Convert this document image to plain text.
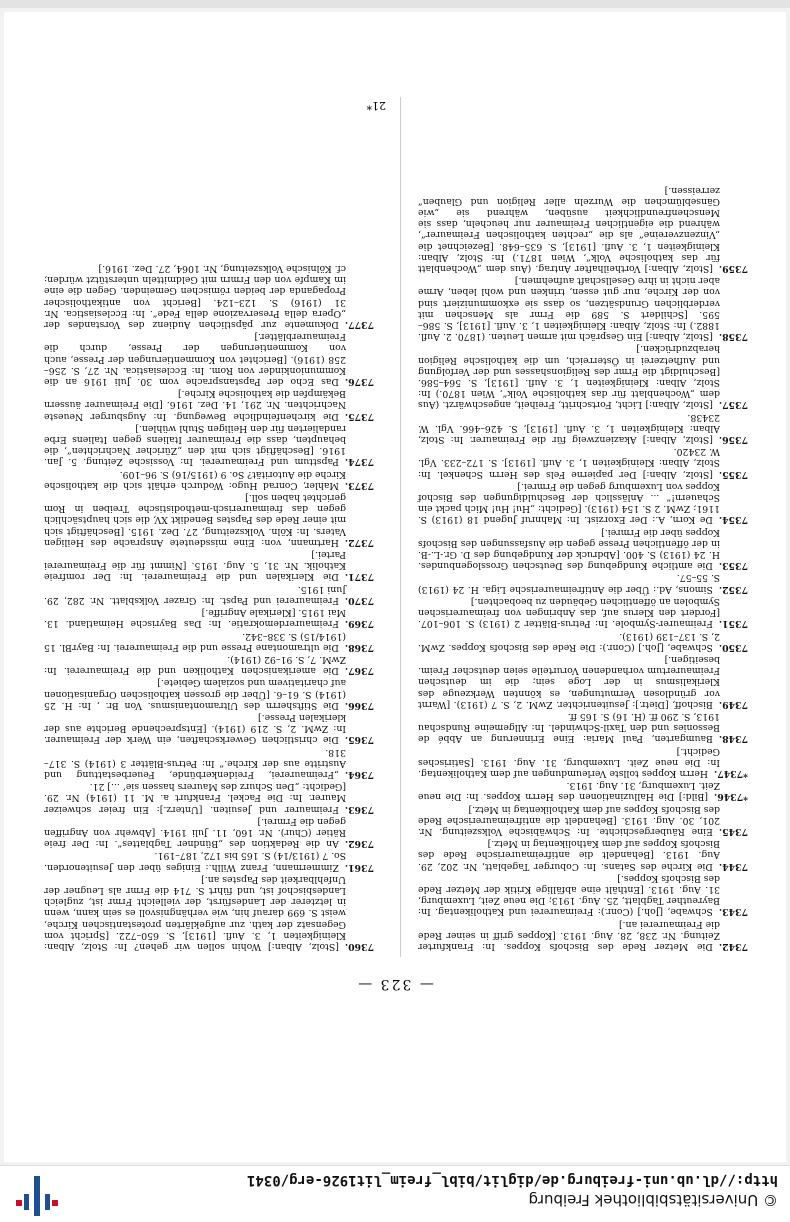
© Universitätsbibliothek Freiburg
http://dl.ub.uni-freiburg.de/diglit/bibl_freim_lit1926-erg/0341
— 323 —
7342.Die Metzer Rede des Bischofs Koppes. In: Frankfurter Zeitung. Nr. 238, 28. Aug. 1913. [Koppes griff in seiner Rede die Freimaurerei an.]
7343.Schwabe, [Joh.] (Conr.): Freimaurerei und Katholikentag. In: Bayreuther Tagblatt, 25. Aug. 1913; Die neue Zeit, Luxemburg, 31. Aug. 1913. [Enthält eine abfällige Kritik der Metzer Rede des Bischofs Koppes.]
7344.Die Kirche des Satans. In: Coburger Tageblatt, Nr. 202, 29. Aug. 1913. [Behandelt die antifreimaurerische Rede des Bischofs Koppes auf dem Katholikentag in Metz.]
7345.Eine Räubergeschichte. In: Schwäbische Volkszeitung. Nr. 201, 30. Aug. 1913. [Behandelt die antifreimaurerische Rede des Bischofs Koppes auf dem Katholikentag in Metz.]
*7346.[Bild:] Die Halluzinationen des Herrn Koppes. In: Die neue Zeit. Luxemburg, 31. Aug. 1913.
*7347.Herrn Koppes tollste Verleumdungen auf dem Katholikentag. In: Die neue Zeit. Luxemburg, 31. Aug. 1913. [Satirisches Gedicht.]
7348.Baumgarten, Paul Maria: Eine Erinnerung an Abbé de Bessonies und den Taxil-Schwindel. In: Allgemeine Rundschau 1913, S. 290 ff. (H. 16) S. 165 ff.
7349.Bischoff, [Dietr.]: Jesuitenrichter. ZwM. 2, S. 7 (1913). [Warnt vor gründlosen Vermutungen, es könnten Werkzeuge des Klerikalismus in der Loge sein; die im deutschen Freimaurertum vorhandenen Vorurteile seien deutscher Freim. beseitigen.]
7350.Schwabe, [Joh.] (Conr.): Die Rede des Bischofs Koppes. ZwM. 2, S. 137–139 (1913).
7351.Freimaurer-Symbole. In: Petrus-Blätter 2 (1913) S. 106–107. [Fordert den Klerus auf, das Anbringen von freimaurerischen Symbolen an öffentlichen Gebäuden zu beobachten.]
7352.Simons, Ad.: Über die Antifreimaurerische Liga. H. 24 (1913) S. 55–57.
7353.Die amtliche Kundgebung des Deutschen Grosslogenbundes. H. 24 (1913) S. 400. [Abdruck der Kundgebung des D. Gr.-L.-B. in der öffentlichen Presse gegen die Ausfassungen des Bischofs Koppes über die Frmrei.]
7354.De Korn, A.: Der Exorzist. In: Mahnruf Jugend 18 (1913) S. 1161; ZwM. 2 S. 154 (1913). [Gedicht: „Hu! Hu! Mich packt ein Schauern!“ ... Anlässlich der Beschuldigungen des Bischof Koppes von Luxemburg gegen die Frmrei.]
7355.[Stolz, Alban:] Der papierne Fels des Herrn Schenkel. In: Stolz, Alban: Kleinigkeiten 1, 3. Aufl. [1913]. S. 172–233. Vgl. W. 23420.
7356.[Stolz, Alban:] Akazienzweig für die Freimaurer. In: Stolz, Alban: Kleinigkeiten 1, 3. Aufl. [1913], S. 426–466. Vgl. W. 23438.
7357.[Stolz, Alban:] Licht, Fortschritt, Freiheit, angeschwärzt. (Aus dem „Wochenblatt für das katholische Volk“, Wien 1870.) In: Stolz, Alban: Kleinigkeiten 1, 3. Aufl. [1913], S. 564–586. [Beschuldigt die Frmr des Religionshasses und der Verfolgung und Aufhetzerei in Österreich, um die katholische Religion herabzudrücken.]
7358.[Stolz, Alban:] Ein Gespräch mit armen Leuten. (1870. 2. Aufl. 1882.) In: Stolz, Alban: Kleinigkeiten 1, 3. Aufl. [1913], S. 586–595. [Schildert S. 589 die Frmr als Menschen mit verderblichen Grundsätzen, so dass sie exkommuniziert sind von der Kirche, nur gut essen, trinken und wohl leben, Arme aber nicht in ihre Gesellschaft aufnehmen.]
7359.[Stolz, Alban:] Vortheilhafter Antrag. (Aus dem „Wochenblatt für das katholische Volk“, Wien 1871.) In: Stolz, Alban: Kleinigkeiten 1, 3. Aufl. [1913], S. 635–648. [Bezeichnet die „Vinzenzvereine“ als die „rechten katholischen Freimaurer“, während die eigentlichen Freimaurer nur heucheln, dass sie Menschenfreundlichkeit ausüben, während sie „wie Gänseblümchen die Wurzeln aller Religion und Glauben“ zerreissen.]
7360.[Stolz, Alban:] Wohin sollen wir gehen? In: Stolz, Alban: Kleinigkeiten 1, 3. Aufl. [1913], S. 650–722. [Spricht vom Gegensatz der kath. zur aufgeklärten protestantischen Kirche, weist S. 699 darauf hin, wie verhängnisvoll es sein kann, wenn in letzterer der Landesfürst, der vielleicht Frmr ist, zugleich Landesbischof ist, und führt S. 714 die Frmr als Leugner der Unfehlbarkeit des Papstes an.]
7361.Zimmermann, Franz Willh.: Einiges über den Jesuitenorden. So. 7 (1913/14) S. 165 bis 172, 187–191.
7362.An die Redaktion des „Bündner Tagblattes“. In: Der freie Rätier (Chur). Nr. 160, 11. Juli 1914. [Abwehr von Angriffen gegen die Frmrei.]
7363.Freimaurer und Jesuiten. [Unterz.]: Ein freier schweizer Maurer. In: Die Fackel. Frankfurt a. M. 11 (1914) Nr. 29. [Gedicht: „Den Schurz des Maurers hassen sie‘ ...] 21.
7364.„Freimaurerei, Freidenkerbünde, Feuerbestattung und Austritte aus der Kirche.“ In: Petrus-Blätter 3 (1914) S. 317–318.
7365.Die christlichen Gewerkschaften, ein Werk der Freimaurer. In: ZwM. 2, S. 219 (1914). [Entsprechende Berichte aus der klerikalen Presse.]
7366.Die Stiftsherrn des Ultramontanismus. Von Br. ‚ In: H. 25 (1914) S. 61–6. [Über die grossen katholischen Organisationen auf charitativem und sozialem Gebiete.]
7367.Die amerikanischen Katholiken und die Freimaurerei. In: ZwM. 7, S. 91–92 (1914).
7368.Die ultramontane Presse und die Freimaurerei. In: BayrBl. 15 (1914/15) S. 338–342.
7369.Freimaurerdemokratie. In: Das Bayrische Heimatland. 13. Mai 1915. [Klerikale Angriffe.]
7370.Freimaurerei und Papst. In: Grazer Volksblatt. Nr. 282, 29. Juni 1915.
7371.Die Klerikalen und die Freimaurerei. In: Der romfreie Katholik. Nr. 31, 5. Aug. 1915. [Nimmt für die Freimaurerei Partei.]
7372.Hartmann, von: Eine missdeutete Ansprache des Heiligen Vaters. In: Köln. Volkszeitung, 27. Dez. 1915. [Beschäftigt sich mit einer Rede des Papstes Benedikt XV, die sich hauptsächlich gegen das freimaurerisch-methodistische Treiben in Rom gerichtet haben soll.]
7373.Mahler, Conrad Hugo: Wodurch erhält sich die katholische Kirche die Autorität? So. 9 (1915/16) S. 96–109.
7374.Papsttum und Freimaurerei. In: Vossische Zeitung. 5. Jan. 1916. [Beschäftigt sich mit den „Züricher Nachrichten“, die behaupten, dass die Freimaurer Italiens gegen Italiens Erbe randalierten für den Heiligen Stuhl wühlen.]
7375.Die kirchenfeindliche Bewegung. In: Augsburger Neueste Nachrichten. Nr. 291, 14. Dez. 1916. [Die Freimaurer äussern Bekämpfen die katholische Kirche.]
7376.Das Echo der Papstansprache vom 30. Juli 1916 an die Kommunionkinder von Rom. In: Ecclesiastica. Nr. 27, S. 256–258 (1916). [Berichtet von Kommentierungen der Presse, auch von Kommentierungen der Presse, durch die Freimaurerblätter.]
7377.Dokumente zur päpstlichen Audienz des Vorstandes der „Opera della Preservazione della Fede“. In: Ecclesiastica. Nr. 31 (1916) S. 123–124. [Bericht von antikatholischer Propaganda der beiden römischen Gemeinden. Gegen die eine im Kampfe von den Frmrn mit Geldmitteln unterstützt würden; cf. Kölnische Volkszeitung, Nr. 1064, 27. Dez. 1916.]
21*
